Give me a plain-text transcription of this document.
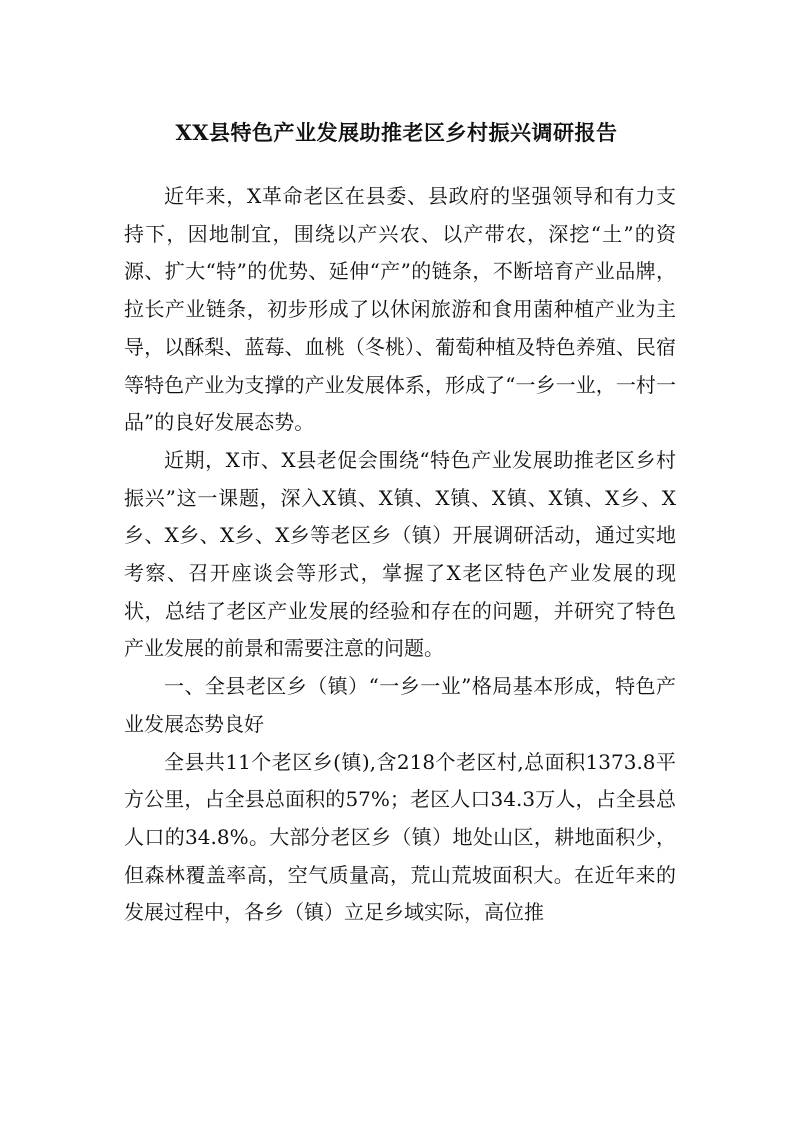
XX县特色产业发展助推老区乡村振兴调研报告

近年来，X革命老区在县委、县政府的坚强领导和有力支持下，因地制宜，围绕以产兴农、以产带农，深挖“土”的资源、扩大“特”的优势、延伸“产”的链条，不断培育产业品牌，拉长产业链条，初步形成了以休闲旅游和食用菌种植产业为主导，以酥梨、蓝莓、血桃（冬桃）、葡萄种植及特色养殖、民宿等特色产业为支撑的产业发展体系，形成了“一乡一业，一村一品”的良好发展态势。

近期，X市、X县老促会围绕“特色产业发展助推老区乡村振兴”这一课题，深入X镇、X镇、X镇、X镇、X镇、X乡、X乡、X乡、X乡、X乡等老区乡（镇）开展调研活动，通过实地考察、召开座谈会等形式，掌握了X老区特色产业发展的现状，总结了老区产业发展的经验和存在的问题，并研究了特色产业发展的前景和需要注意的问题。

一、全县老区乡（镇）“一乡一业”格局基本形成，特色产业发展态势良好

全县共11个老区乡(镇),含218个老区村,总面积1373.8平方公里，占全县总面积的57%；老区人口34.3万人，占全县总人口的34.8%。大部分老区乡（镇）地处山区，耕地面积少，但森林覆盖率高，空气质量高，荒山荒坡面积大。在近年来的发展过程中，各乡（镇）立足乡域实际，高位推
